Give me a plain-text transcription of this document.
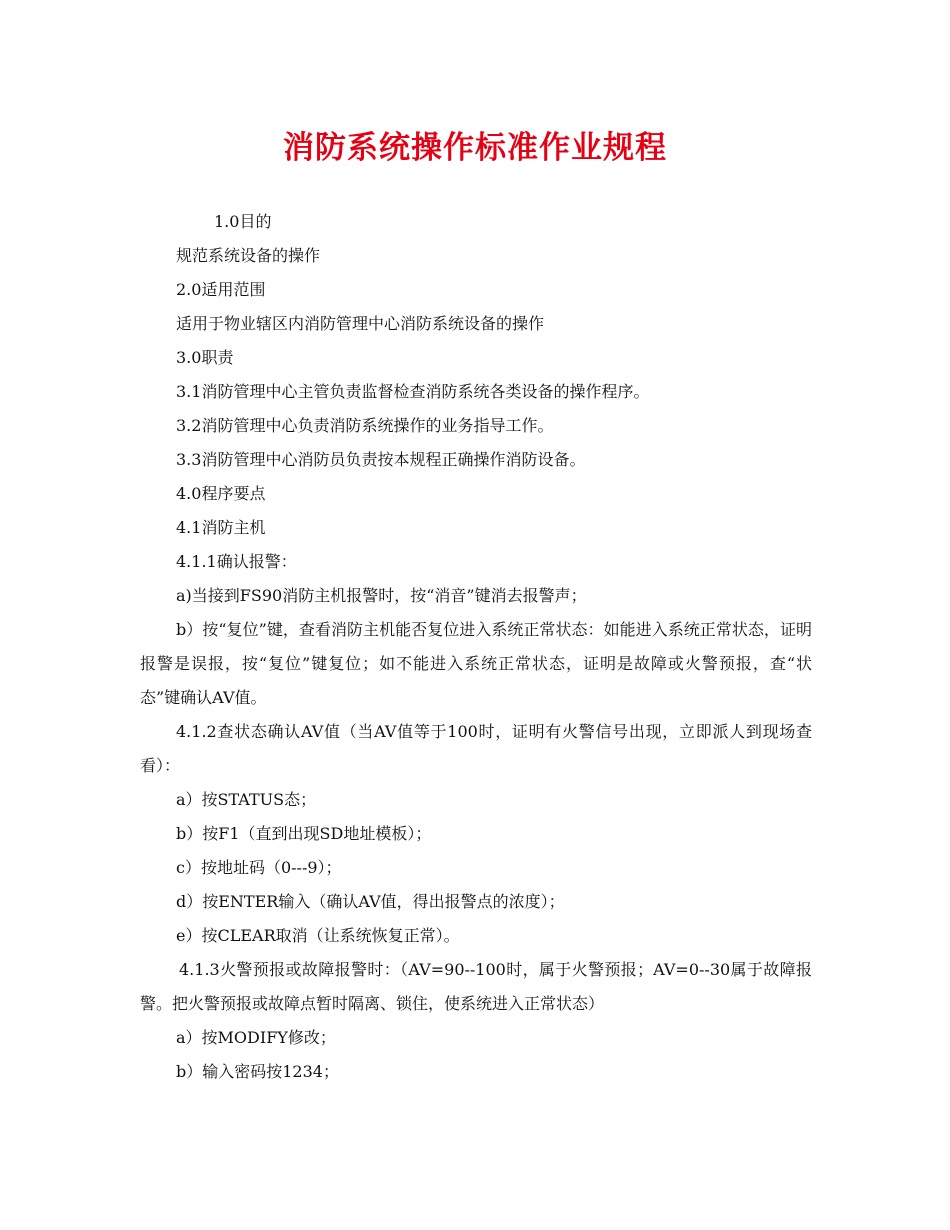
消防系统操作标准作业规程

1.0目的

规范系统设备的操作

2.0适用范围

适用于物业辖区内消防管理中心消防系统设备的操作

3.0职责

3.1消防管理中心主管负责监督检查消防系统各类设备的操作程序。

3.2消防管理中心负责消防系统操作的业务指导工作。

3.3消防管理中心消防员负责按本规程正确操作消防设备。

4.0程序要点

4.1消防主机

4.1.1确认报警：

a)当接到FS90消防主机报警时，按“消音”键消去报警声；

b）按“复位”键，查看消防主机能否复位进入系统正常状态：如能进入系统正常状态，证明报警是误报，按“复位”键复位；如不能进入系统正常状态，证明是故障或火警预报，查“状态”键确认AV值。

4.1.2查状态确认AV值（当AV值等于100时，证明有火警信号出现，立即派人到现场查看）：

a）按STATUS态；

b）按F1（直到出现SD地址模板）；

c）按地址码（0---9）；

d）按ENTER输入（确认AV值，得出报警点的浓度）；

e）按CLEAR取消（让系统恢复正常）。

4.1.3火警预报或故障报警时：（AV=90--100时，属于火警预报；AV=0--30属于故障报警。把火警预报或故障点暂时隔离、锁住，使系统进入正常状态）

a）按MODIFY修改；

b）输入密码按1234；
